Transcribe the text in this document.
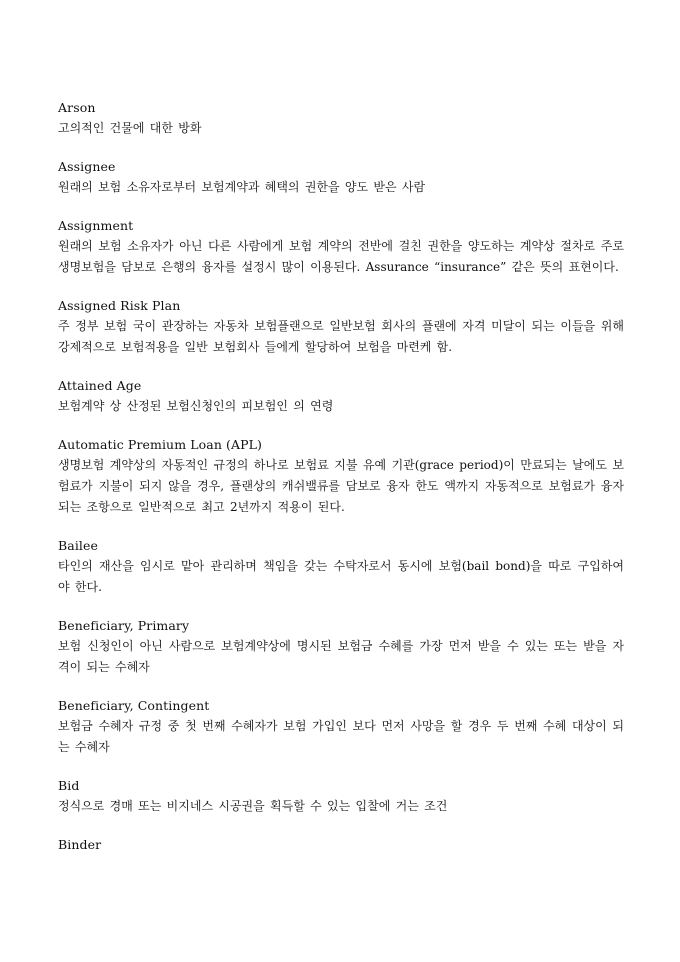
Arson
고의적인 건물에 대한 방화
Assignee
원래의 보험 소유자로부터 보험계약과 혜택의 권한을 양도 받은 사람
Assignment
원래의 보험 소유자가 아닌 다른 사람에게 보험 계약의 전반에 걸친 권한을 양도하는 계약상 절차로 주로 생명보험을 담보로 은행의 융자를 설정시 많이 이용된다. Assurance “insurance” 같은 뜻의 표현이다.
Assigned Risk Plan
주 정부 보험 국이 관장하는 자동차 보험플랜으로 일반보험 회사의 플랜에 자격 미달이 되는 이들을 위해 강제적으로 보험적용을 일반 보험회사 들에게 할당하여 보험을 마련케 함.
Attained Age
보험계약 상 산정된 보험신청인의 피보험인 의 연령
Automatic Premium Loan (APL)
생명보험 계약상의 자동적인 규정의 하나로 보험료 지불 유예 기관(grace period)이 만료되는 날에도 보험료가 지불이 되지 않을 경우, 플랜상의 캐쉬밸류를 담보로 융자 한도 액까지 자동적으로 보험료가 융자되는 조항으로 일반적으로 최고 2년까지 적용이 된다.
Bailee
타인의 재산을 임시로 맡아 관리하며 책임을 갖는 수탁자로서 동시에 보험(bail bond)을 따로 구입하여야 한다.
Beneficiary, Primary
보험 신청인이 아닌 사람으로 보험계약상에 명시된 보험금 수혜를 가장 먼저 받을 수 있는 또는 받을 자격이 되는 수혜자
Beneficiary, Contingent
보험금 수혜자 규정 중 첫 번째 수혜자가 보험 가입인 보다 먼저 사망을 할 경우 두 번째 수혜 대상이 되는 수혜자
Bid
정식으로 경매 또는 비지네스 시공권을 획득할 수 있는 입찰에 거는 조건
Binder
